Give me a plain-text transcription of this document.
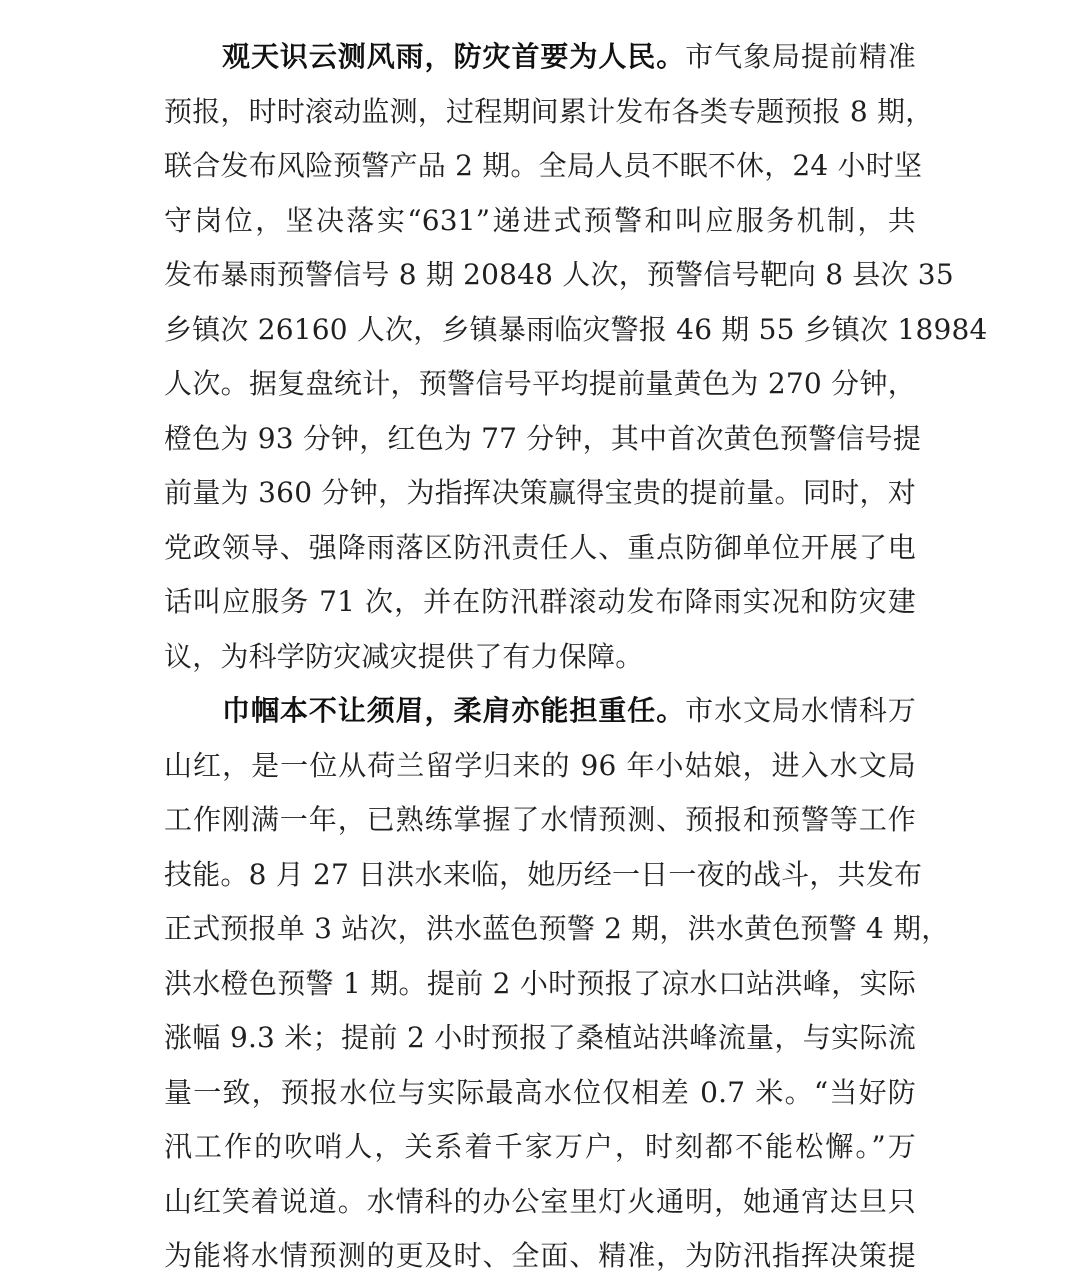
观天识云测风雨，防灾首要为人民。市气象局提前精准
预报，时时滚动监测，过程期间累计发布各类专题预报 8 期，
联合发布风险预警产品 2 期。全局人员不眠不休，24 小时坚
守岗位，坚决落实“631”递进式预警和叫应服务机制，共
发布暴雨预警信号 8 期 20848 人次，预警信号靶向 8 县次 35
乡镇次 26160 人次，乡镇暴雨临灾警报 46 期 55 乡镇次 18984
人次。据复盘统计，预警信号平均提前量黄色为 270 分钟，
橙色为 93 分钟，红色为 77 分钟，其中首次黄色预警信号提
前量为 360 分钟，为指挥决策赢得宝贵的提前量。同时，对
党政领导、强降雨落区防汛责任人、重点防御单位开展了电
话叫应服务 71 次，并在防汛群滚动发布降雨实况和防灾建
议，为科学防灾减灾提供了有力保障。
巾帼本不让须眉，柔肩亦能担重任。市水文局水情科万
山红，是一位从荷兰留学归来的 96 年小姑娘，进入水文局
工作刚满一年，已熟练掌握了水情预测、预报和预警等工作
技能。8 月 27 日洪水来临，她历经一日一夜的战斗，共发布
正式预报单 3 站次，洪水蓝色预警 2 期，洪水黄色预警 4 期，
洪水橙色预警 1 期。提前 2 小时预报了凉水口站洪峰，实际
涨幅 9.3 米；提前 2 小时预报了桑植站洪峰流量，与实际流
量一致，预报水位与实际最高水位仅相差 0.7 米。“当好防
汛工作的吹哨人，关系着千家万户，时刻都不能松懈。”万
山红笑着说道。水情科的办公室里灯火通明，她通宵达旦只
为能将水情预测的更及时、全面、精准，为防汛指挥决策提
